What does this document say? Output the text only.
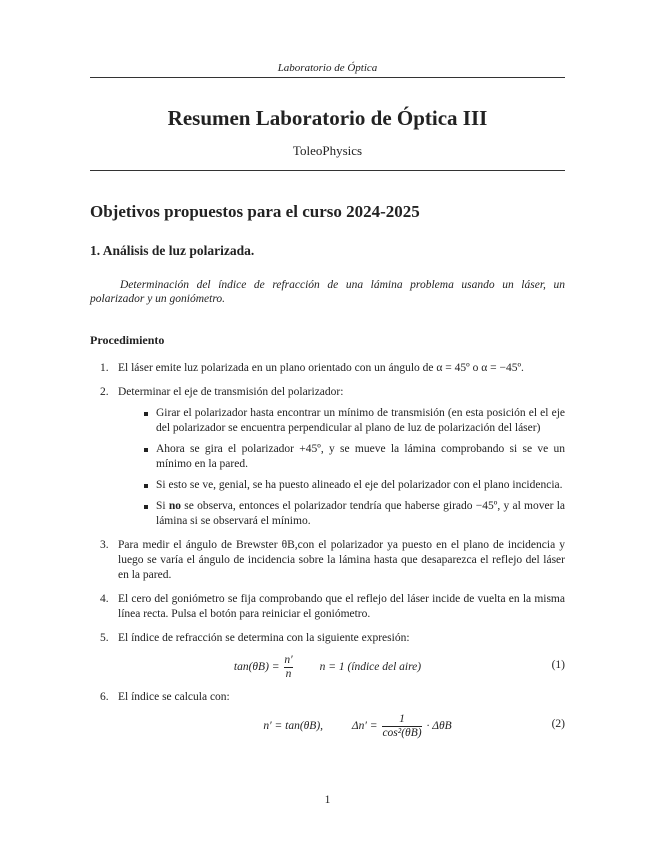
Laboratorio de Óptica
Resumen Laboratorio de Óptica III
ToleoPhysics
Objetivos propuestos para el curso 2024-2025
1. Análisis de luz polarizada.
Determinación del índice de refracción de una lámina problema usando un láser, un polarizador y un goniómetro.
Procedimiento
1. El láser emite luz polarizada en un plano orientado con un ángulo de α = 45º o α = −45º.
2. Determinar el eje de transmisión del polarizador:
Girar el polarizador hasta encontrar un mínimo de transmisión (en esta posición el el eje del polarizador se encuentra perpendicular al plano de luz de polarización del láser)
Ahora se gira el polarizador +45º, y se mueve la lámina comprobando si se ve un mínimo en la pared.
Si esto se ve, genial, se ha puesto alineado el eje del polarizador con el plano incidencia.
Si no se observa, entonces el polarizador tendría que haberse girado −45º, y al mover la lámina si se observará el mínimo.
3. Para medir el ángulo de Brewster θB,con el polarizador ya puesto en el plano de incidencia y luego se varía el ángulo de incidencia sobre la lámina hasta que desaparezca el reflejo del láser en la pared.
4. El cero del goniómetro se fija comprobando que el reflejo del láser incide de vuelta en la misma línea recta. Pulsa el botón para reiniciar el goniómetro.
5. El índice de refracción se determina con la siguiente expresión:
$\tan(\theta B) = \frac{n'}{n}$ n = 1 (índice del aire)	(1)
6. El índice se calcula con:
n′ = tan(θB),	$\Delta n' = \frac{1}{\text{cos²(θB)}} \cdot \Delta\theta B$	(2)
1
